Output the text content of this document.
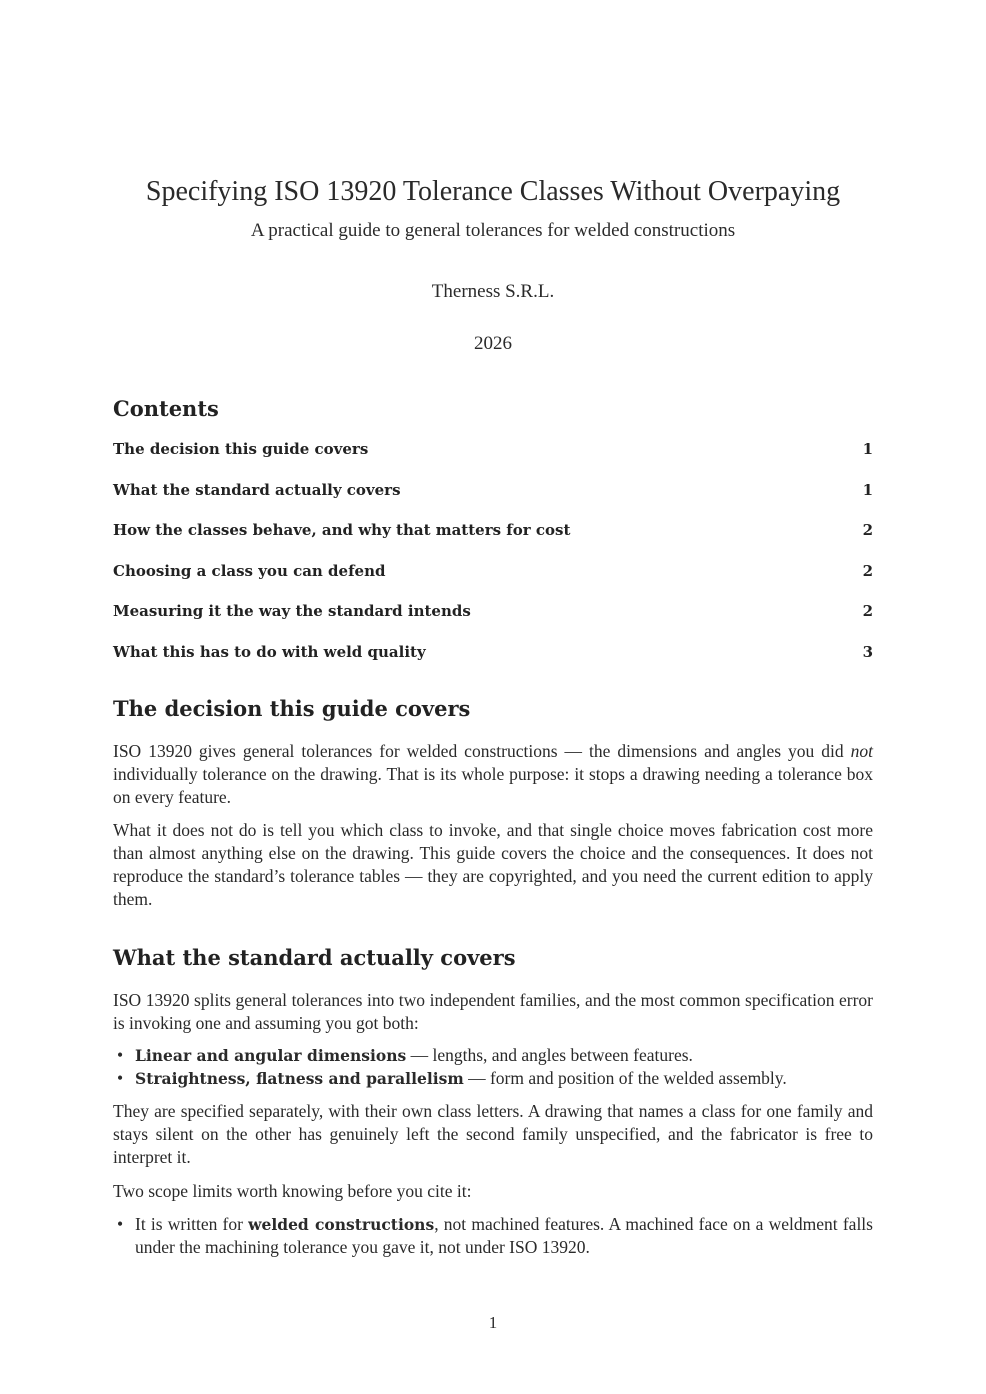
Specifying ISO 13920 Tolerance Classes Without Overpaying
A practical guide to general tolerances for welded constructions
Therness S.R.L.
2026
Contents
The decision this guide covers	1
What the standard actually covers	1
How the classes behave, and why that matters for cost	2
Choosing a class you can defend	2
Measuring it the way the standard intends	2
What this has to do with weld quality	3
The decision this guide covers

ISO 13920 gives general tolerances for welded constructions — the dimensions and angles you did not individually tolerance on the drawing. That is its whole purpose: it stops a drawing needing a tolerance box on every feature.

What it does not do is tell you which class to invoke, and that single choice moves fabrication cost more than almost anything else on the drawing. This guide covers the choice and the consequences. It does not reproduce the standard’s tolerance tables — they are copyrighted, and you need the current edition to apply them.

What the standard actually covers

ISO 13920 splits general tolerances into two independent families, and the most common specification error is invoking one and assuming you got both:

• Linear and angular dimensions — lengths, and angles between features.
• Straightness, flatness and parallelism — form and position of the welded assembly.

They are specified separately, with their own class letters. A drawing that names a class for one family and stays silent on the other has genuinely left the second family unspecified, and the fabricator is free to interpret it.

Two scope limits worth knowing before you cite it:

• It is written for welded constructions, not machined features. A machined face on a weldment falls under the machining tolerance you gave it, not under ISO 13920.
1
